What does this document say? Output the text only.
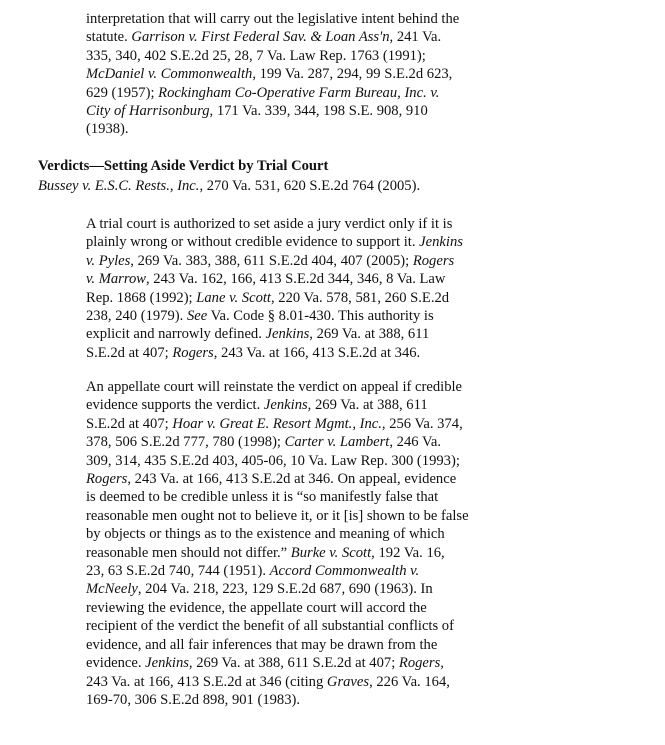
interpretation that will carry out the legislative intent behind the
statute. Garrison v. First Federal Sav. & Loan Ass'n, 241 Va.
335, 340, 402 S.E.2d 25, 28, 7 Va. Law Rep. 1763 (1991);
McDaniel v. Commonwealth, 199 Va. 287, 294, 99 S.E.2d 623,
629 (1957); Rockingham Co-Operative Farm Bureau, Inc. v.
City of Harrisonburg, 171 Va. 339, 344, 198 S.E. 908, 910
(1938).
Verdicts—Setting Aside Verdict by Trial Court
Bussey v. E.S.C. Rests., Inc., 270 Va. 531, 620 S.E.2d 764 (2005).
A trial court is authorized to set aside a jury verdict only if it is
plainly wrong or without credible evidence to support it. Jenkins
v. Pyles, 269 Va. 383, 388, 611 S.E.2d 404, 407 (2005); Rogers
v. Marrow, 243 Va. 162, 166, 413 S.E.2d 344, 346, 8 Va. Law
Rep. 1868 (1992); Lane v. Scott, 220 Va. 578, 581, 260 S.E.2d
238, 240 (1979). See Va. Code § 8.01-430. This authority is
explicit and narrowly defined. Jenkins, 269 Va. at 388, 611
S.E.2d at 407; Rogers, 243 Va. at 166, 413 S.E.2d at 346.
An appellate court will reinstate the verdict on appeal if credible
evidence supports the verdict. Jenkins, 269 Va. at 388, 611
S.E.2d at 407; Hoar v. Great E. Resort Mgmt., Inc., 256 Va. 374,
378, 506 S.E.2d 777, 780 (1998); Carter v. Lambert, 246 Va.
309, 314, 435 S.E.2d 403, 405-06, 10 Va. Law Rep. 300 (1993);
Rogers, 243 Va. at 166, 413 S.E.2d at 346. On appeal, evidence
is deemed to be credible unless it is “so manifestly false that
reasonable men ought not to believe it, or it [is] shown to be false
by objects or things as to the existence and meaning of which
reasonable men should not differ.” Burke v. Scott, 192 Va. 16,
23, 63 S.E.2d 740, 744 (1951). Accord Commonwealth v.
McNeely, 204 Va. 218, 223, 129 S.E.2d 687, 690 (1963). In
reviewing the evidence, the appellate court will accord the
recipient of the verdict the benefit of all substantial conflicts of
evidence, and all fair inferences that may be drawn from the
evidence. Jenkins, 269 Va. at 388, 611 S.E.2d at 407; Rogers,
243 Va. at 166, 413 S.E.2d at 346 (citing Graves, 226 Va. 164,
169-70, 306 S.E.2d 898, 901 (1983).
